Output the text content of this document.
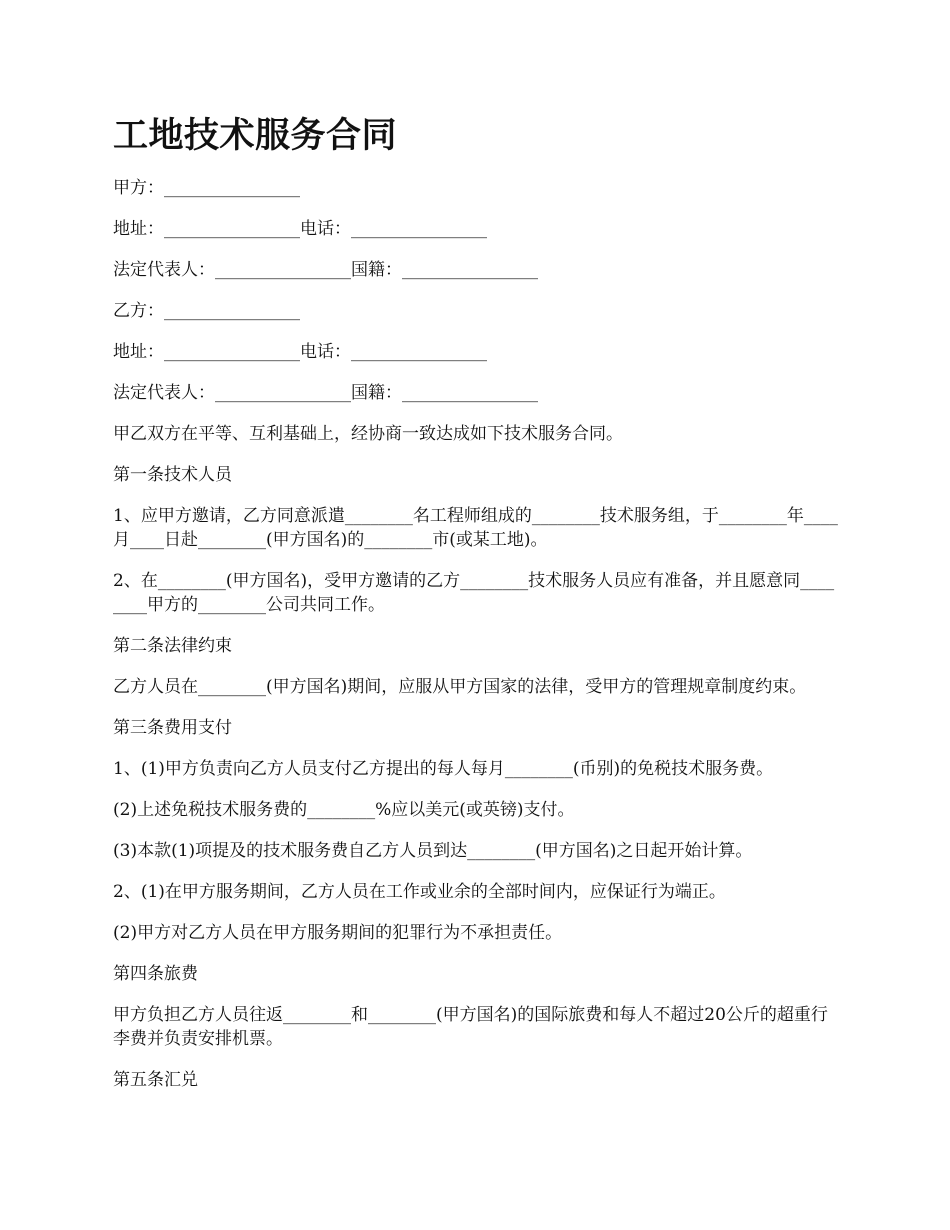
工地技术服务合同

甲方：________________

地址：________________电话：________________

法定代表人：________________国籍：________________

乙方：________________

地址：________________电话：________________

法定代表人：________________国籍：________________

甲乙双方在平等、互利基础上，经协商一致达成如下技术服务合同。

第一条技术人员

1、应甲方邀请，乙方同意派遣________名工程师组成的________技术服务组，于________年____月____日赴________(甲方国名)的________市(或某工地)。

2、在________(甲方国名)，受甲方邀请的乙方________技术服务人员应有准备，并且愿意同________甲方的________公司共同工作。

第二条法律约束

乙方人员在________(甲方国名)期间，应服从甲方国家的法律，受甲方的管理规章制度约束。

第三条费用支付

1、(1)甲方负责向乙方人员支付乙方提出的每人每月________(币别)的免税技术服务费。

(2)上述免税技术服务费的________%应以美元(或英镑)支付。

(3)本款(1)项提及的技术服务费自乙方人员到达________(甲方国名)之日起开始计算。

2、(1)在甲方服务期间，乙方人员在工作或业余的全部时间内，应保证行为端正。

(2)甲方对乙方人员在甲方服务期间的犯罪行为不承担责任。

第四条旅费

甲方负担乙方人员往返________和________(甲方国名)的国际旅费和每人不超过20公斤的超重行李费并负责安排机票。

第五条汇兑
